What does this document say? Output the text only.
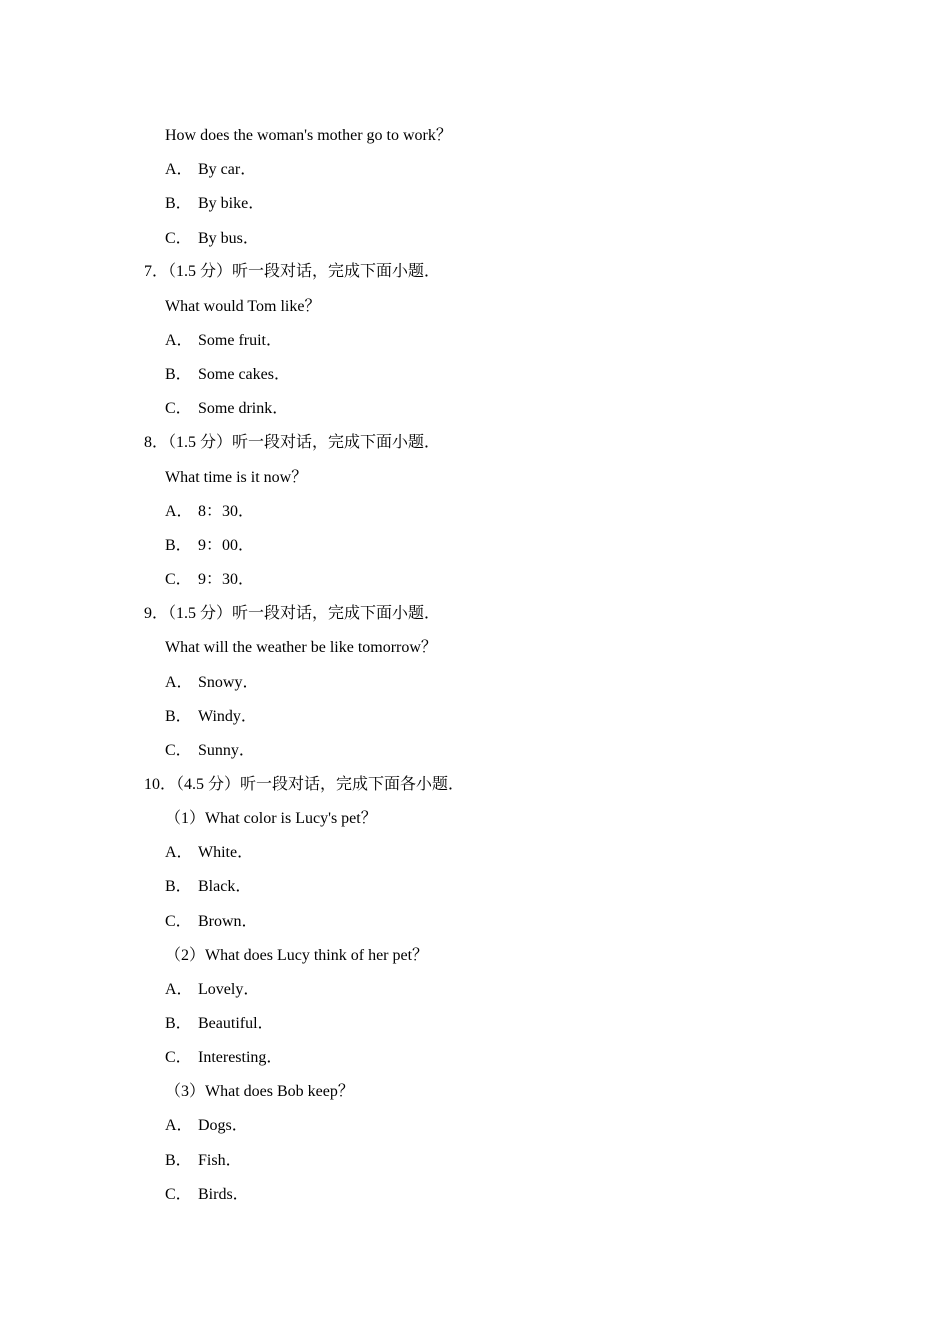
How does the woman's mother go to work？
A． By car．
B． By bike．
C． By bus．
7．（1.5 分）听一段对话，完成下面小题．
What would Tom like？
A． Some fruit．
B． Some cakes．
C． Some drink．
8．（1.5 分）听一段对话，完成下面小题．
What time is it now？
A． 8：30．
B． 9：00．
C． 9：30．
9．（1.5 分）听一段对话，完成下面小题．
What will the weather be like tomorrow？
A． Snowy．
B． Windy．
C． Sunny．
10．（4.5 分）听一段对话，完成下面各小题．
（1）What color is Lucy's pet？
A． White．
B． Black．
C． Brown．
（2）What does Lucy think of her pet？
A． Lovely．
B． Beautiful．
C． Interesting．
（3）What does Bob keep？
A． Dogs．
B． Fish．
C． Birds．
